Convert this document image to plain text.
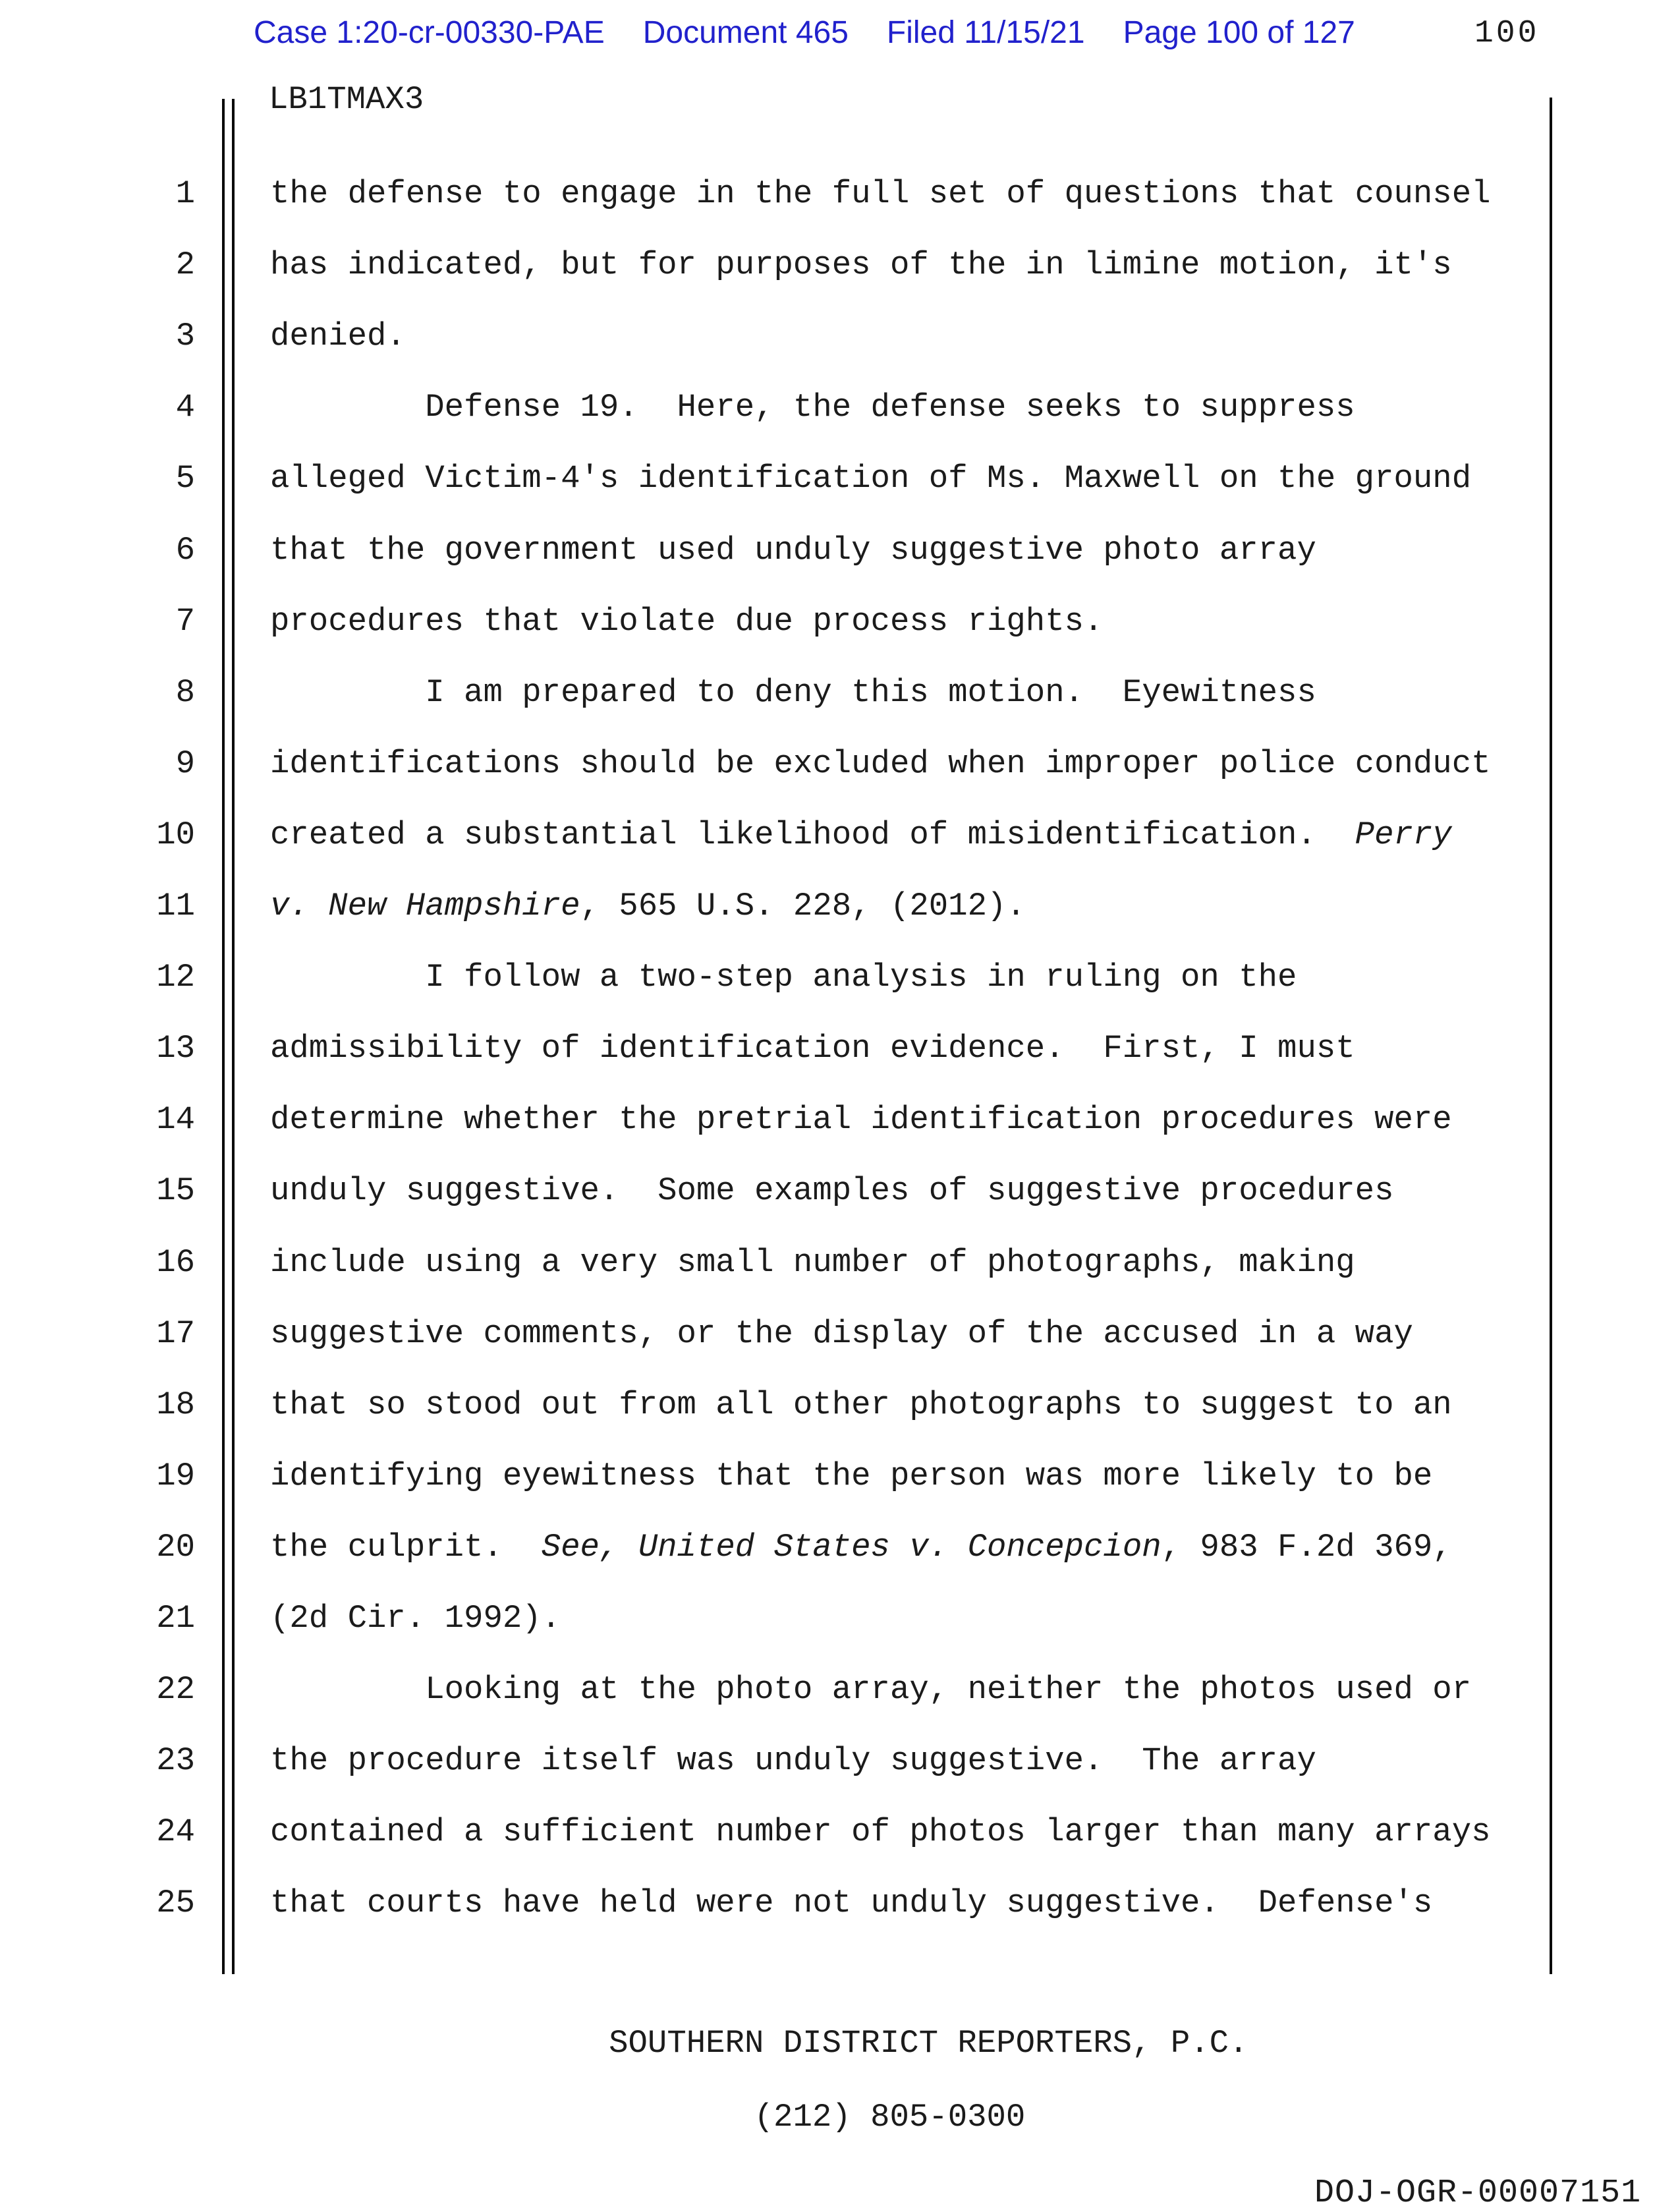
Case 1:20-cr-00330-PAE Document 465 Filed 11/15/21 Page 100 of 127	100
LB1TMAX3
1 the defense to engage in the full set of questions that counsel
2 has indicated, but for purposes of the in limine motion, it's
3 denied.
4 Defense 19.  Here, the defense seeks to suppress
5 alleged Victim-4's identification of Ms. Maxwell on the ground
6 that the government used unduly suggestive photo array
7 procedures that violate due process rights.
8 I am prepared to deny this motion.  Eyewitness
9 identifications should be excluded when improper police conduct
10 created a substantial likelihood of misidentification.  Perry
11 v. New Hampshire, 565 U.S. 228, (2012).
12 I follow a two-step analysis in ruling on the
13 admissibility of identification evidence.  First, I must
14 determine whether the pretrial identification procedures were
15 unduly suggestive.  Some examples of suggestive procedures
16 include using a very small number of photographs, making
17 suggestive comments, or the display of the accused in a way
18 that so stood out from all other photographs to suggest to an
19 identifying eyewitness that the person was more likely to be
20 the culprit.  See, United States v. Concepcion, 983 F.2d 369,
21 (2d Cir. 1992).
22 Looking at the photo array, neither the photos used or
23 the procedure itself was unduly suggestive.  The array
24 contained a sufficient number of photos larger than many arrays
25 that courts have held were not unduly suggestive.  Defense's

SOUTHERN DISTRICT REPORTERS, P.C.

(212) 805-0300

DOJ-OGR-00007151
